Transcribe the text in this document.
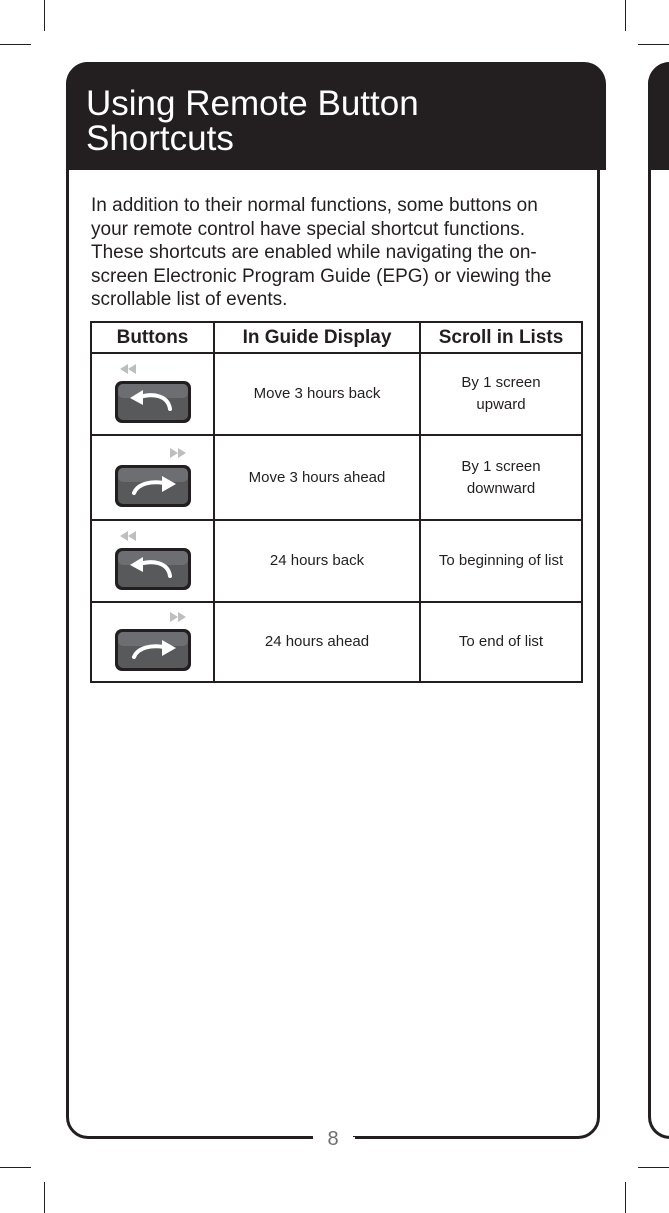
Using Remote Button Shortcuts

In addition to their normal functions, some buttons on your remote control have special shortcut functions. These shortcuts are enabled while navigating the on-screen Electronic Program Guide (EPG) or viewing the scrollable list of events.

Buttons	In Guide Display	Scroll in Lists

	Move 3 hours back	By 1 screen upward

	Move 3 hours ahead	By 1 screen downward

	24 hours back	To beginning of list

	24 hours ahead	To end of list
8
